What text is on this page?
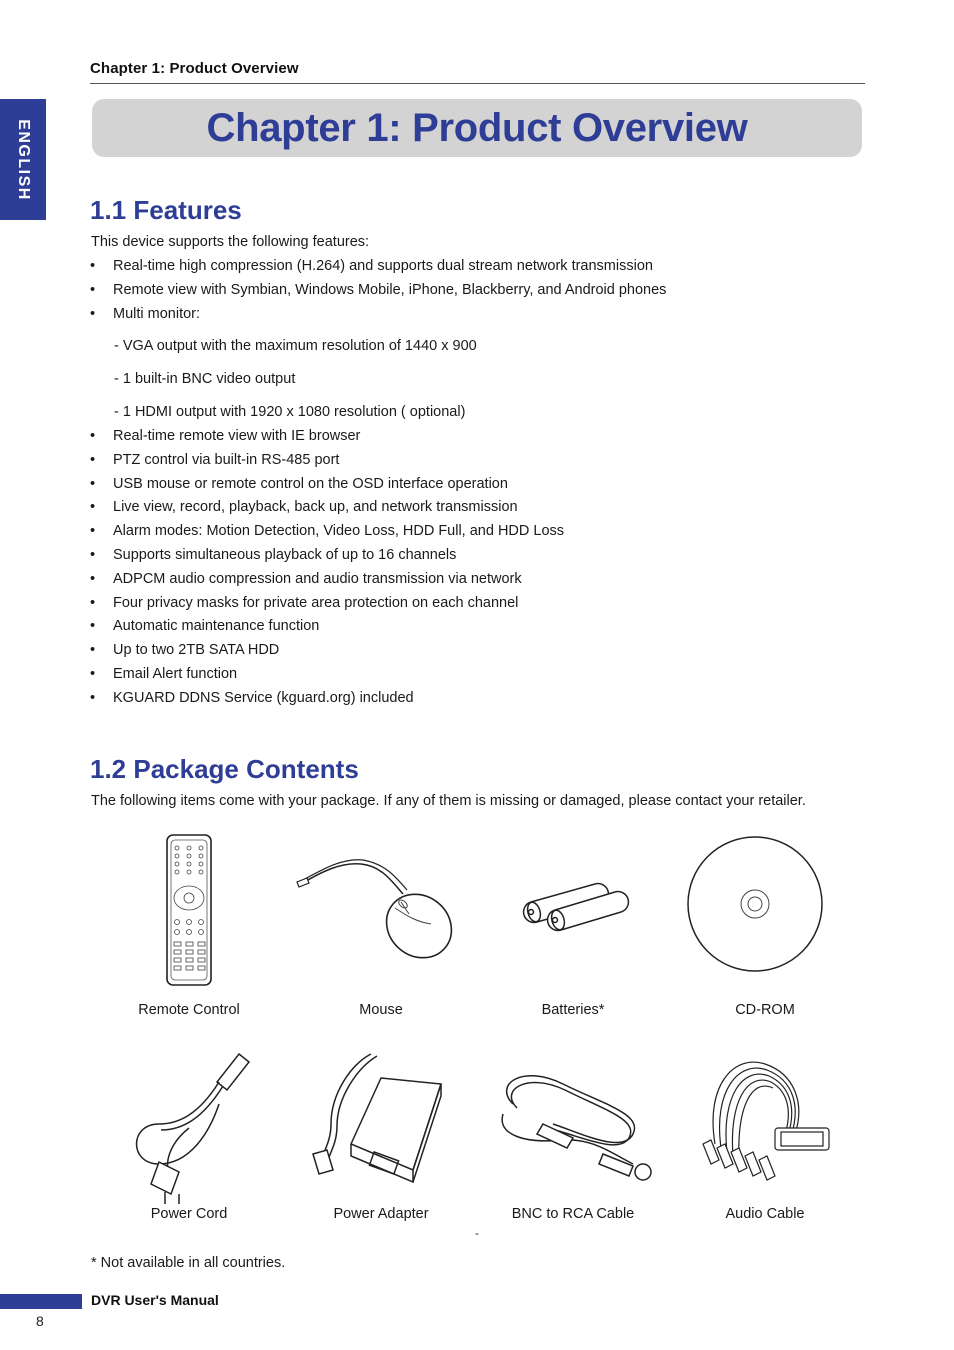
Chapter 1: Product Overview
ENGLISH	Chapter 1: Product Overview
1.1 Features

This device supports the following features:

• Real-time high compression (H.264) and supports dual stream network transmission
• Remote view with Symbian, Windows Mobile, iPhone, Blackberry, and Android phones
• Multi monitor:

- VGA output with the maximum resolution of 1440 x 900

- 1 built-in BNC video output

- 1 HDMI output with 1920 x 1080 resolution ( optional)

• Real-time remote view with IE browser
• PTZ control via built-in RS-485 port
• USB mouse or remote control on the OSD interface operation
• Live view, record, playback, back up, and network transmission
• Alarm modes: Motion Detection, Video Loss, HDD Full, and HDD Loss
• Supports simultaneous playback of up to 16 channels
• ADPCM audio compression and audio transmission via network
• Four privacy masks for private area protection on each channel
• Automatic maintenance function
• Up to two 2TB SATA HDD
• Email Alert function
• KGUARD DDNS Service (kguard.org) included
1.2 Package Contents

The following items come with your package. If any of them is missing or damaged, please contact your retailer.

Remote Control	Mouse	Batteries*	CD-ROM
Power Cord	Power Adapter	BNC to RCA Cable	Audio Cable
-

* Not available in all countries.

DVR User's Manual
8
